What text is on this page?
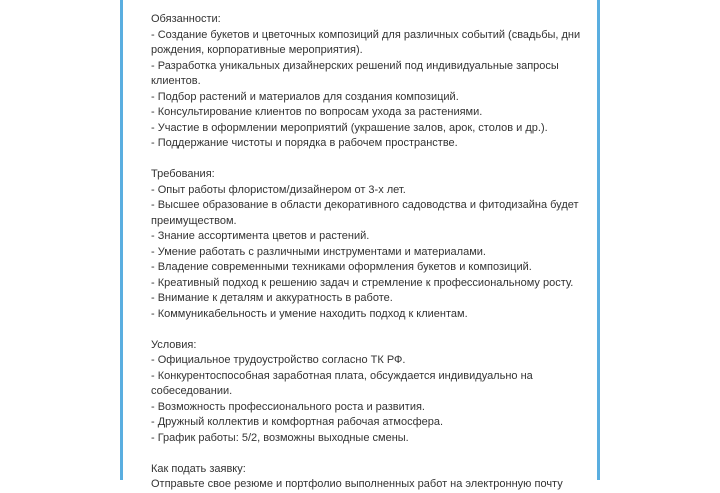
Обязанности:
- Создание букетов и цветочных композиций для различных событий (свадьбы, дни
рождения, корпоративные мероприятия).
- Разработка уникальных дизайнерских решений под индивидуальные запросы
клиентов.
- Подбор растений и материалов для создания композиций.
- Консультирование клиентов по вопросам ухода за растениями.
- Участие в оформлении мероприятий (украшение залов, арок, столов и др.).
- Поддержание чистоты и порядка в рабочем пространстве.
Требования:
- Опыт работы флористом/дизайнером от 3-х лет.
- Высшее образование в области декоративного садоводства и фитодизайна будет
преимуществом.
- Знание ассортимента цветов и растений.
- Умение работать с различными инструментами и материалами.
- Владение современными техниками оформления букетов и композиций.
- Креативный подход к решению задач и стремление к профессиональному росту.
- Внимание к деталям и аккуратность в работе.
- Коммуникабельность и умение находить подход к клиентам.
Условия:
- Официальное трудоустройство согласно ТК РФ.
- Конкурентоспособная заработная плата, обсуждается индивидуально на
собеседовании.
- Возможность профессионального роста и развития.
- Дружный коллектив и комфортная рабочая атмосфера.
- График работы: 5/2, возможны выходные смены.
Как подать заявку:
Отправьте свое резюме и портфолио выполненных работ на электронную почту
